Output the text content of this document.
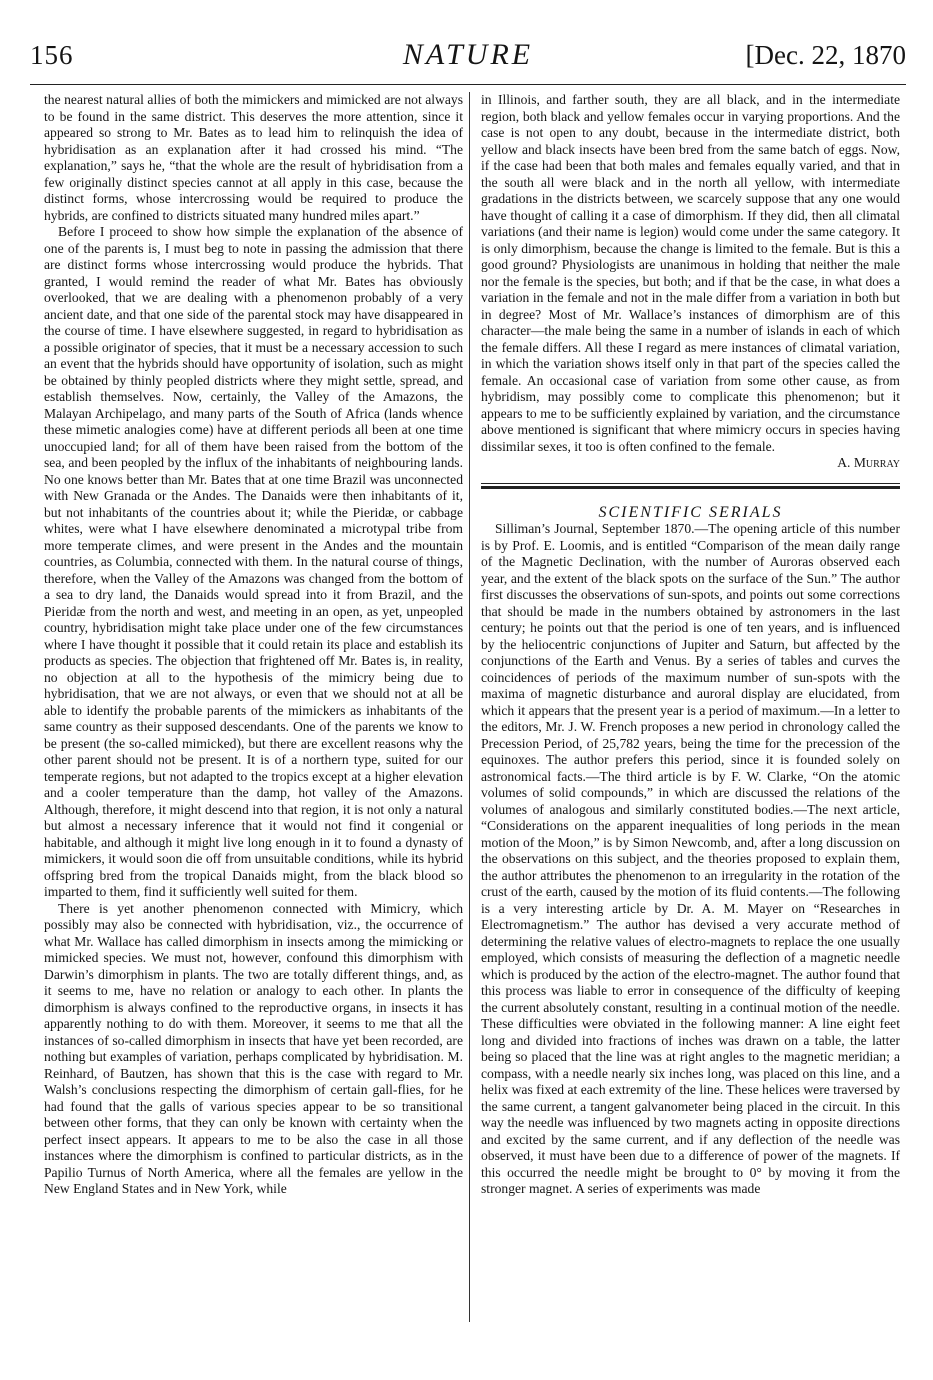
156	NATURE	[Dec. 22, 1870

the nearest natural allies of both the mimickers and mimicked are not always to be found in the same district. This deserves the more attention, since it appeared so strong to Mr. Bates as to lead him to relinquish the idea of hybridisation as an explanation after it had crossed his mind. “The explanation,” says he, “that the whole are the result of hybridisation from a few originally distinct species cannot at all apply in this case, because the distinct forms, whose intercrossing would be required to produce the hybrids, are confined to districts situated many hundred miles apart.”

Before I proceed to show how simple the explanation of the absence of one of the parents is, I must beg to note in passing the admission that there are distinct forms whose intercrossing would produce the hybrids. That granted, I would remind the reader of what Mr. Bates has obviously overlooked, that we are dealing with a phenomenon probably of a very ancient date, and that one side of the parental stock may have disappeared in the course of time. I have elsewhere suggested, in regard to hybridisation as a possible originator of species, that it must be a necessary accession to such an event that the hybrids should have opportunity of isolation, such as might be obtained by thinly peopled districts where they might settle, spread, and establish themselves. Now, certainly, the Valley of the Amazons, the Malayan Archipelago, and many parts of the South of Africa (lands whence these mimetic analogies come) have at different periods all been at one time unoccupied land; for all of them have been raised from the bottom of the sea, and been peopled by the influx of the inhabitants of neighbouring lands. No one knows better than Mr. Bates that at one time Brazil was unconnected with New Granada or the Andes. The Danaids were then inhabitants of it, but not inhabitants of the countries about it; while the Pieridæ, or cabbage whites, were what I have elsewhere denominated a microtypal tribe from more temperate climes, and were present in the Andes and the mountain countries, as Columbia, connected with them. In the natural course of things, therefore, when the Valley of the Amazons was changed from the bottom of a sea to dry land, the Danaids would spread into it from Brazil, and the Pieridæ from the north and west, and meeting in an open, as yet, unpeopled country, hybridisation might take place under one of the few circumstances where I have thought it possible that it could retain its place and establish its products as species. The objection that frightened off Mr. Bates is, in reality, no objection at all to the hypothesis of the mimicry being due to hybridisation, that we are not always, or even that we should not at all be able to identify the probable parents of the mimickers as inhabitants of the same country as their supposed descendants. One of the parents we know to be present (the so-called mimicked), but there are excellent reasons why the other parent should not be present. It is of a northern type, suited for our temperate regions, but not adapted to the tropics except at a higher elevation and a cooler temperature than the damp, hot valley of the Amazons. Although, therefore, it might descend into that region, it is not only a natural but almost a necessary inference that it would not find it congenial or habitable, and although it might live long enough in it to found a dynasty of mimickers, it would soon die off from unsuitable conditions, while its hybrid offspring bred from the tropical Danaids might, from the black blood so imparted to them, find it sufficiently well suited for them.

There is yet another phenomenon connected with Mimicry, which possibly may also be connected with hybridisation, viz., the occurrence of what Mr. Wallace has called dimorphism in insects among the mimicking or mimicked species. We must not, however, confound this dimorphism with Darwin’s dimorphism in plants. The two are totally different things, and, as it seems to me, have no relation or analogy to each other. In plants the dimorphism is always confined to the reproductive organs, in insects it has apparently nothing to do with them. Moreover, it seems to me that all the instances of so-called dimorphism in insects that have yet been recorded, are nothing but examples of variation, perhaps complicated by hybridisation. M. Reinhard, of Bautzen, has shown that this is the case with regard to Mr. Walsh’s conclusions respecting the dimorphism of certain gall-flies, for he had found that the galls of various species appear to be so transitional between other forms, that they can only be known with certainty when the perfect insect appears. It appears to me to be also the case in all those instances where the dimorphism is confined to particular districts, as in the Papilio Turnus of North America, where all the females are yellow in the New England States and in New York, while

in Illinois, and farther south, they are all black, and in the intermediate region, both black and yellow females occur in varying proportions. And the case is not open to any doubt, because in the intermediate district, both yellow and black insects have been bred from the same batch of eggs. Now, if the case had been that both males and females equally varied, and that in the south all were black and in the north all yellow, with intermediate gradations in the districts between, we scarcely suppose that any one would have thought of calling it a case of dimorphism. If they did, then all climatal variations (and their name is legion) would come under the same category. It is only dimorphism, because the change is limited to the female. But is this a good ground? Physiologists are unanimous in holding that neither the male nor the female is the species, but both; and if that be the case, in what does a variation in the female and not in the male differ from a variation in both but in degree? Most of Mr. Wallace’s instances of dimorphism are of this character—the male being the same in a number of islands in each of which the female differs. All these I regard as mere instances of climatal variation, in which the variation shows itself only in that part of the species called the female. An occasional case of variation from some other cause, as from hybridism, may possibly come to complicate this phenomenon; but it appears to me to be sufficiently explained by variation, and the circumstance above mentioned is significant that where mimicry occurs in species having dissimilar sexes, it too is often confined to the female.

A. Murray

SCIENTIFIC SERIALS

Silliman’s Journal, September 1870.—The opening article of this number is by Prof. E. Loomis, and is entitled “Comparison of the mean daily range of the Magnetic Declination, with the number of Auroras observed each year, and the extent of the black spots on the surface of the Sun.” The author first discusses the observations of sun-spots, and points out some corrections that should be made in the numbers obtained by astronomers in the last century; he points out that the period is one of ten years, and is influenced by the heliocentric conjunctions of Jupiter and Saturn, but affected by the conjunctions of the Earth and Venus. By a series of tables and curves the coincidences of periods of the maximum number of sun-spots with the maxima of magnetic disturbance and auroral display are elucidated, from which it appears that the present year is a period of maximum.—In a letter to the editors, Mr. J. W. French proposes a new period in chronology called the Precession Period, of 25,782 years, being the time for the precession of the equinoxes. The author prefers this period, since it is founded solely on astronomical facts.—The third article is by F. W. Clarke, “On the atomic volumes of solid compounds,” in which are discussed the relations of the volumes of analogous and similarly constituted bodies.—The next article, “Considerations on the apparent inequalities of long periods in the mean motion of the Moon,” is by Simon Newcomb, and, after a long discussion on the observations on this subject, and the theories proposed to explain them, the author attributes the phenomenon to an irregularity in the rotation of the crust of the earth, caused by the motion of its fluid contents.—The following is a very interesting article by Dr. A. M. Mayer on “Researches in Electromagnetism.” The author has devised a very accurate method of determining the relative values of electro-magnets to replace the one usually employed, which consists of measuring the deflection of a magnetic needle which is produced by the action of the electro-magnet. The author found that this process was liable to error in consequence of the difficulty of keeping the current absolutely constant, resulting in a continual motion of the needle. These difficulties were obviated in the following manner: A line eight feet long and divided into fractions of inches was drawn on a table, the latter being so placed that the line was at right angles to the magnetic meridian; a compass, with a needle nearly six inches long, was placed on this line, and a helix was fixed at each extremity of the line. These helices were traversed by the same current, a tangent galvanometer being placed in the circuit. In this way the needle was influenced by two magnets acting in opposite directions and excited by the same current, and if any deflection of the needle was observed, it must have been due to a difference of power of the magnets. If this occurred the needle might be brought to 0° by moving it from the stronger magnet. A series of experiments was made
